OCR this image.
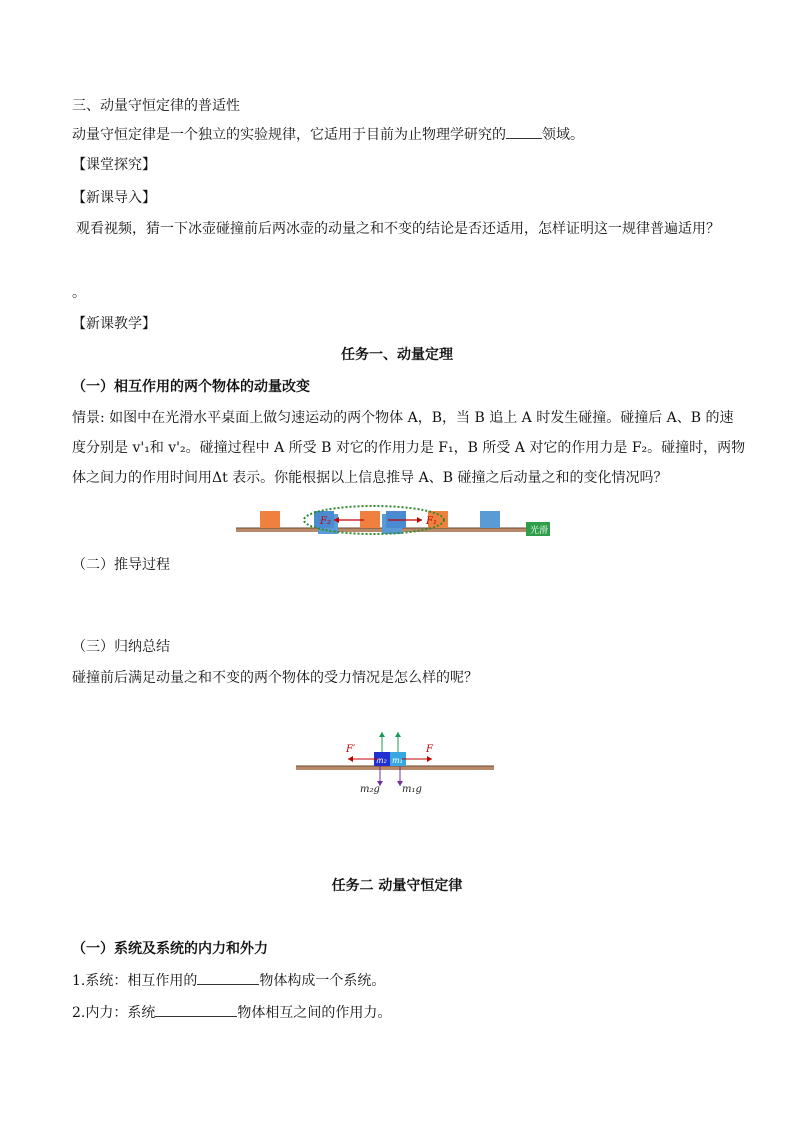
三、动量守恒定律的普适性
动量守恒定律是一个独立的实验规律，它适用于目前为止物理学研究的	领域。
【课堂探究】
【新课导入】
观看视频，猜一下冰壶碰撞前后两冰壶的动量之和不变的结论是否还适用，怎样证明这一规律普遍适用？
。
【新课教学】
任务一、动量定理
（一）相互作用的两个物体的动量改变
情景: 如图中在光滑水平桌面上做匀速运动的两个物体 A，B，当 B 追上 A 时发生碰撞。碰撞后 A、B 的速
度分别是 v'₁和 v'₂。碰撞过程中 A 所受 B 对它的作用力是 F₁，B 所受 A 对它的作用力是 F₂。碰撞时，两物
体之间力的作用时间用Δt 表示。你能根据以上信息推导 A、B 碰撞之后动量之和的变化情况吗？
F₂	F₁
光滑
（二）推导过程
（三）归纳总结
碰撞前后满足动量之和不变的两个物体的受力情况是怎么样的呢？
m₂ m₁
F′	F
m₂g m₁g
任务二 动量守恒定律
（一）系统及系统的内力和外力
1.系统：相互作用的	物体构成一个系统。
2.内力：系统	物体相互之间的作用力。
